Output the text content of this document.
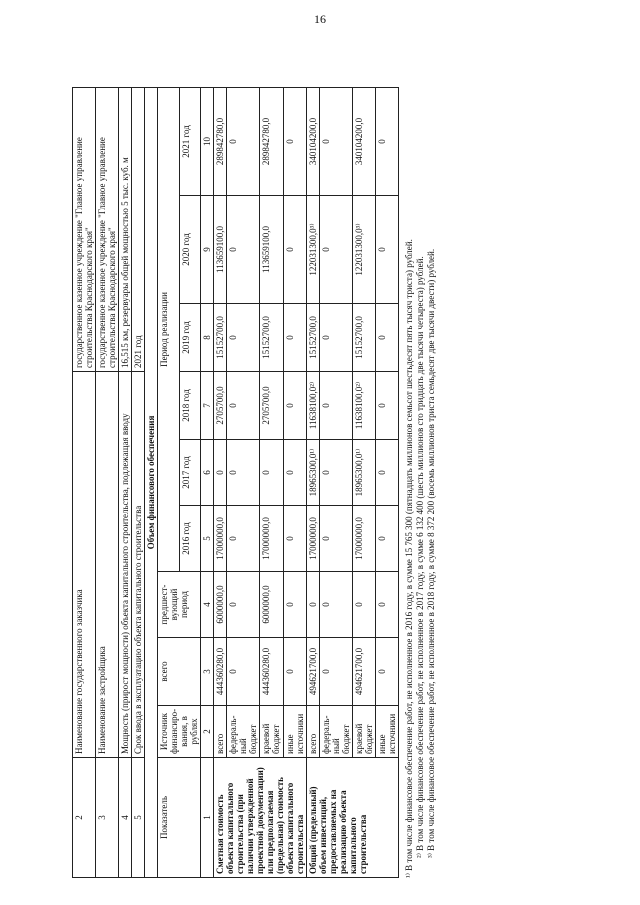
16
2	Наименование государственного заказчика						государственное казенное учреждение "Главное управление строительства Краснодарского края"		
3	Наименование застройщика						государственное казенное учреждение "Главное управление строительства Краснодарского края"		
4	Мощность (прирост мощности) объекта капитального строительства, подлежащая вводу						16,515 км, резервуары общей мощностью 5 тыс. куб. м		
5	Срок ввода в эксплуатацию объекта капитального строительства						2021 год		
Объем финансового обеспечения									
Показатель	Источник финансиро-вания, в рублях	всего	предшест-вующий период	Период реализации					
				2016 год	2017 год	2018 год	2019 год	2020 год	2021 год
1	2	3	4	5	6	7	8	9	10
Сметная стоимость объекта капитального строительства (при наличии утвержденной проектной документации) или предполагаемая (предельная) стоимость объекта капитального строительства	всего	444360280,0	6000000,0	17000000,0	0	2705700,0	15152700,0	113659100,0	289842780,0
	федераль-ный бюджет	0	0	0	0	0	0	0	0
	краевой бюджет	444360280,0	6000000,0	17000000,0	0	2705700,0	15152700,0	113659100,0	289842780,0
	иные источники	0	0	0	0	0	0	0	0
Общий (предельный) объем инвестиций, предоставляемых на реализацию объекта капитального строительства	всего	494621700,0	0	17000000,0	18965300,0¹⁾	11638100,0²⁾	15152700,0	122031300,0³⁾	340104200,0
	федераль-ный бюджет	0	0	0	0	0	0	0	0
	краевой бюджет	494621700,0	0	17000000,0	18965300,0¹⁾	11638100,0²⁾	15152700,0	122031300,0³⁾	340104200,0
	иные источники	0	0	0	0	0	0	0	0

¹⁾ В том числе финансовое обеспечение работ, не исполненное в 2016 году, в сумме 15 765 300 (пятнадцать миллионов семьсот шестьдесят пять тысяч триста) рублей. ²⁾ В том числе финансовое обеспечение работ, не исполненное в 2017 году, в сумме 6 132 400 (шесть миллионов сто тридцать две тысячи четыреста) рублей. ³⁾ В том числе финансовое обеспечение работ, не исполненное в 2018 году, в сумме 8 372 200 (восемь миллионов триста семьдесят две тысячи двести) рублей.
